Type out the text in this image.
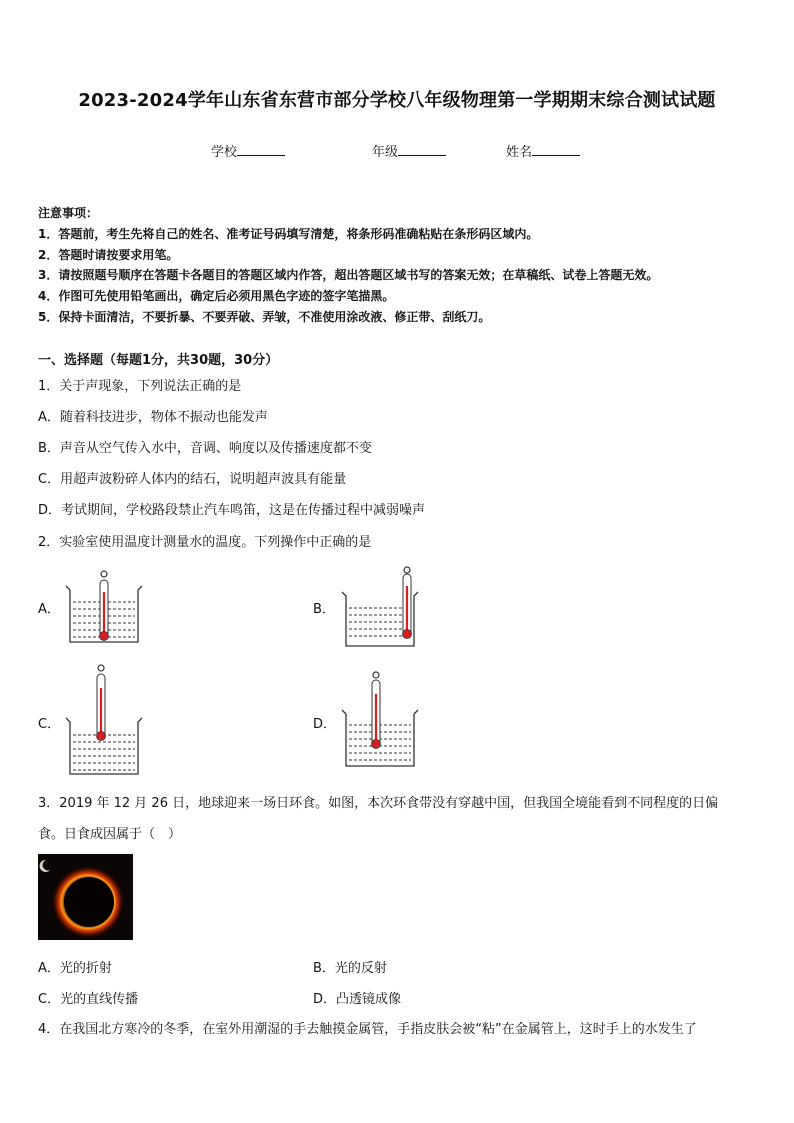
2023-2024学年山东省东营市部分学校八年级物理第一学期期末综合测试试题
学校	年级	姓名
注意事项：
1．答题前，考生先将自己的姓名、准考证号码填写清楚，将条形码准确粘贴在条形码区域内。
2．答题时请按要求用笔。
3．请按照题号顺序在答题卡各题目的答题区域内作答，超出答题区域书写的答案无效；在草稿纸、试卷上答题无效。
4．作图可先使用铅笔画出，确定后必须用黑色字迹的签字笔描黑。
5．保持卡面清洁，不要折暴、不要弄破、弄皱，不准使用涂改液、修正带、刮纸刀。
一、选择题（每题1分，共30题，30分）
1．关于声现象，下列说法正确的是
A．随着科技进步，物体不振动也能发声
B．声音从空气传入水中，音调、响度以及传播速度都不变
C．用超声波粉碎人体内的结石，说明超声波具有能量
D．考试期间，学校路段禁止汽车鸣笛，这是在传播过程中减弱噪声
2．实验室使用温度计测量水的温度。下列操作中正确的是
A．	B．
C．	D．
3．2019 年 12 月 26 日，地球迎来一场日环食。如图，本次环食带没有穿越中国，但我国全境能看到不同程度的日偏
食。日食成因属于（　）
A．光的折射	B．光的反射
C．光的直线传播	D．凸透镜成像
4．在我国北方寒冷的冬季，在室外用潮湿的手去触摸金属管，手指皮肤会被“粘”在金属管上，这时手上的水发生了
